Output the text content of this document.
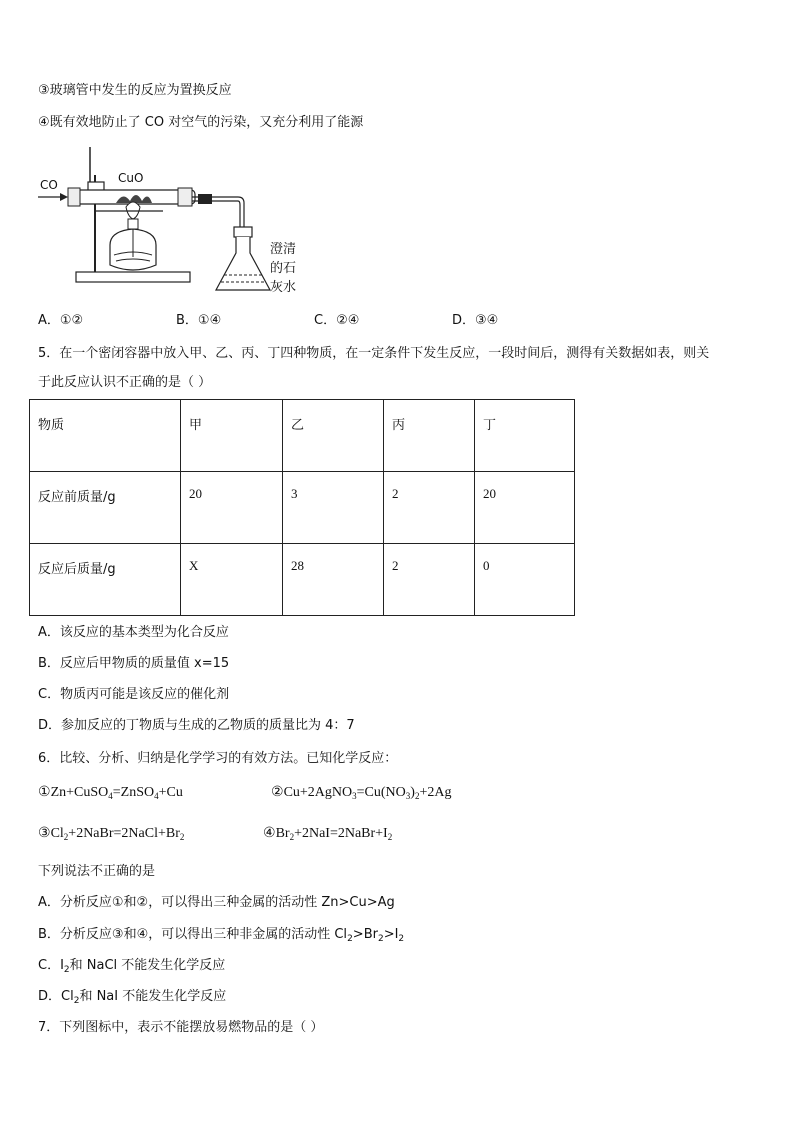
③玻璃管中发生的反应为置换反应
④既有效地防止了 CO 对空气的污染，又充分利用了能源
CO	CuO
澄清
的石
灰水
A．①②	B．①④	C．②④	D．③④
5．在一个密闭容器中放入甲、乙、丙、丁四种物质，在一定条件下发生反应，一段时间后，测得有关数据如表，则关
于此反应认识不正确的是（ ）
物质	甲	乙	丙	丁
反应前质量/g	20	3	2	20
反应后质量/g	X	28	2	0
A．该反应的基本类型为化合反应
B．反应后甲物质的质量值 x=15
C．物质丙可能是该反应的催化剂
D．参加反应的丁物质与生成的乙物质的质量比为 4：7
6．比较、分析、归纳是化学学习的有效方法。已知化学反应：
①Zn+CuSO$_4$=ZnSO$_4$+Cu	$②Cu+2AgNO_3=Cu(NO_3)_2+2Ag$
$③Cl_2+2NaBr=2NaCl+Br_2$	$④Br_2+2NaI=2NaBr+I_2$
下列说法不正确的是
A．分析反应①和②，可以得出三种金属的活动性 Zn>Cu>Ag
B．分析反应③和④，可以得出三种非金属的活动性 $Cl_2>Br_2>I_2$
C．$I_2$和 NaCl 不能发生化学反应
D．$Cl_2$和 NaI 不能发生化学反应
7．下列图标中，表示不能摆放易燃物品的是（ ）
